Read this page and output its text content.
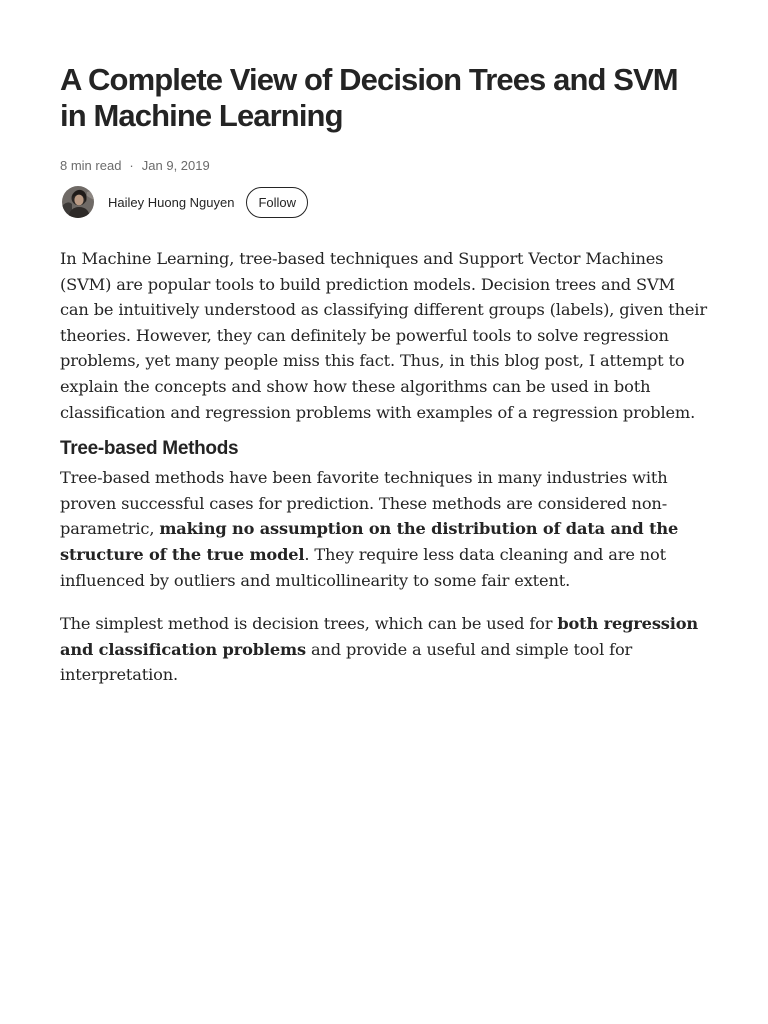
A Complete View of Decision Trees and SVM in Machine Learning
8 min read · Jan 9, 2019
Hailey Huong Nguyen	Follow

In Machine Learning, tree-based techniques and Support Vector Machines (SVM) are popular tools to build prediction models. Decision trees and SVM can be intuitively understood as classifying different groups (labels), given their theories. However, they can definitely be powerful tools to solve regression problems, yet many people miss this fact. Thus, in this blog post, I attempt to explain the concepts and show how these algorithms can be used in both classification and regression problems with examples of a regression problem.

Tree-based Methods

Tree-based methods have been favorite techniques in many industries with proven successful cases for prediction. These methods are considered non-parametric, making no assumption on the distribution of data and the structure of the true model. They require less data cleaning and are not influenced by outliers and multicollinearity to some fair extent.

The simplest method is decision trees, which can be used for both regression and classification problems and provide a useful and simple tool for interpretation.
